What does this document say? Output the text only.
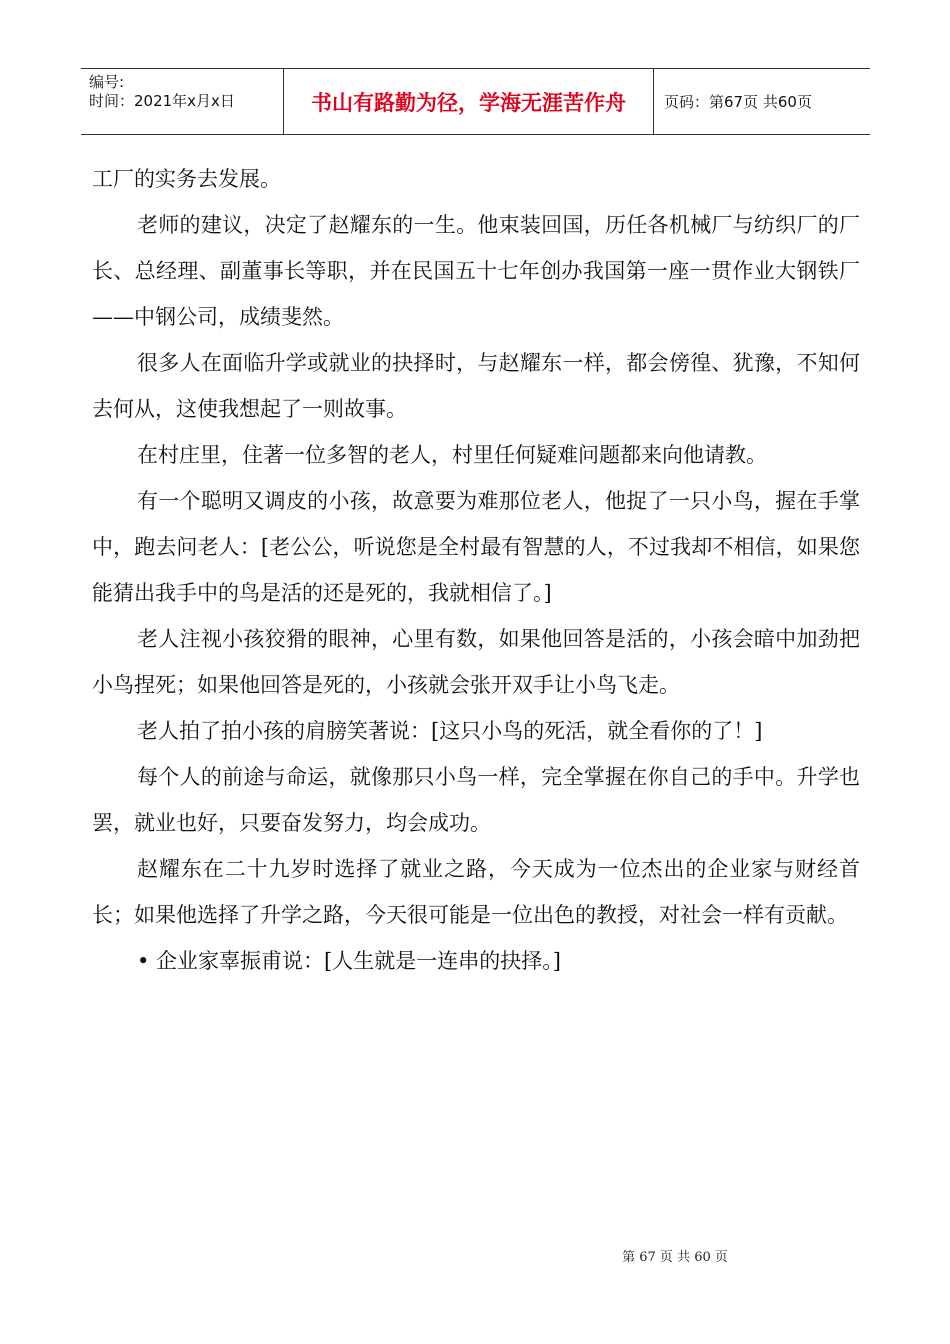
编号:
时间：2021年x月x日	书山有路勤为径，学海无涯苦作舟	页码：第67页 共60页

工厂的实务去发展。

老师的建议，决定了赵耀东的一生。他束装回国，历任各机械厂与纺织厂的厂长、总经理、副董事长等职，并在民国五十七年创办我国第一座一贯作业大钢铁厂——中钢公司，成绩斐然。

很多人在面临升学或就业的抉择时，与赵耀东一样，都会傍徨、犹豫，不知何去何从，这使我想起了一则故事。

在村庄里，住著一位多智的老人，村里任何疑难问题都来向他请教。

有一个聪明又调皮的小孩，故意要为难那位老人，他捉了一只小鸟，握在手掌中，跑去问老人：[老公公，听说您是全村最有智慧的人，不过我却不相信，如果您能猜出我手中的鸟是活的还是死的，我就相信了。]

老人注视小孩狡猾的眼神，心里有数，如果他回答是活的，小孩会暗中加劲把小鸟捏死；如果他回答是死的，小孩就会张开双手让小鸟飞走。

老人拍了拍小孩的肩膀笑著说：[这只小鸟的死活，就全看你的了！]

每个人的前途与命运，就像那只小鸟一样，完全掌握在你自己的手中。升学也罢，就业也好，只要奋发努力，均会成功。

赵耀东在二十九岁时选择了就业之路，今天成为一位杰出的企业家与财经首长；如果他选择了升学之路，今天很可能是一位出色的教授，对社会一样有贡献。

• 企业家辜振甫说：[人生就是一连串的抉择。]

第 67 页 共 60 页
